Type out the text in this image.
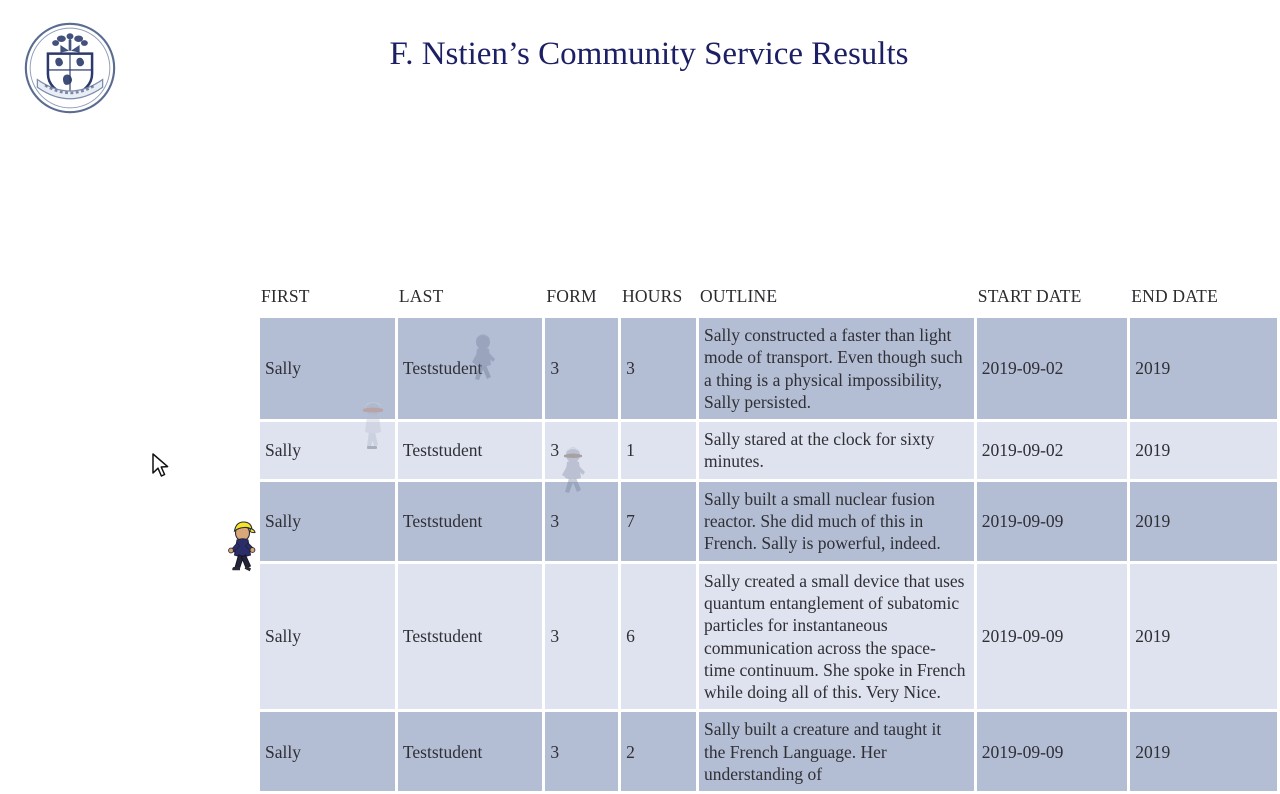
F. Nstien’s Community Service Results
FIRST	LAST	FORM	HOURS	OUTLINE	START DATE	END DATE
Sally	Teststudent	3	3	Sally constructed a faster than light mode of transport. Even though such a thing is a physical impossibility, Sally persisted.	2019-09-02	2019
Sally	Teststudent	3	1	Sally stared at the clock for sixty minutes.	2019-09-02	2019
Sally	Teststudent	3	7	Sally built a small nuclear fusion reactor. She did much of this in French. Sally is powerful, indeed.	2019-09-09	2019
Sally	Teststudent	3	6	Sally created a small device that uses quantum entanglement of subatomic particles for instantaneous communication across the space-time continuum. She spoke in French while doing all of this. Very Nice.	2019-09-09	2019
Sally	Teststudent	3	2	Sally built a creature and taught it the French Language. Her understanding of	2019-09-09	2019
